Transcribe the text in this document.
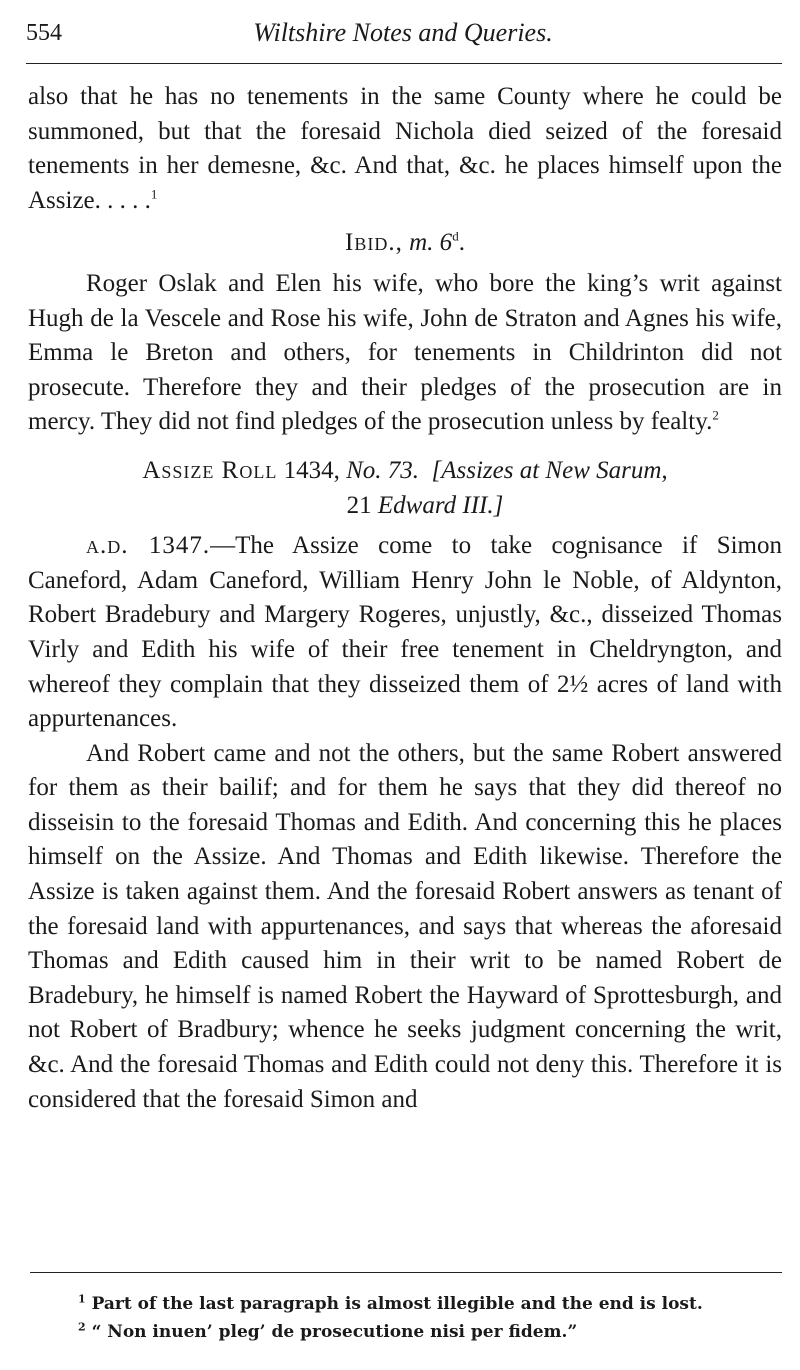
554	Wiltshire Notes and Queries.

also that he has no tenements in the same County where he could be summoned, but that the foresaid Nichola died seized of the foresaid tenements in her demesne, &c. And that, &c. he places himself upon the Assize. . . . .$^1$

Ibid., m. 6$^d$.

Roger Oslak and Elen his wife, who bore the king’s writ against Hugh de la Vescele and Rose his wife, John de Straton and Agnes his wife, Emma le Breton and others, for tenements in Childrinton did not prosecute. Therefore they and their pledges of the prosecution are in mercy. They did not find pledges of the prosecution unless by fealty.$^2$

Assize Roll 1434, No. 73. [Assizes at New Sarum,
21 Edward III.]

a.d. 1347.—The Assize come to take cognisance if Simon Caneford, Adam Caneford, William Henry John le Noble, of Aldynton, Robert Bradebury and Margery Rogeres, unjustly, &c., disseized Thomas Virly and Edith his wife of their free tenement in Cheldryngton, and whereof they complain that they disseized them of 2½ acres of land with appurtenances.

And Robert came and not the others, but the same Robert answered for them as their bailif; and for them he says that they did thereof no disseisin to the foresaid Thomas and Edith. And concerning this he places himself on the Assize. And Thomas and Edith likewise. Therefore the Assize is taken against them. And the foresaid Robert answers as tenant of the foresaid land with appurtenances, and says that whereas the aforesaid Thomas and Edith caused him in their writ to be named Robert de Bradebury, he himself is named Robert the Hayward of Sprottesburgh, and not Robert of Bradbury; whence he seeks judgment concerning the writ, &c. And the foresaid Thomas and Edith could not deny this. Therefore it is considered that the foresaid Simon and

$^1$ Part of the last paragraph is almost illegible and the end is lost.

$^2$ “ Non inuen’ pleg’ de prosecutione nisi per fidem.”
